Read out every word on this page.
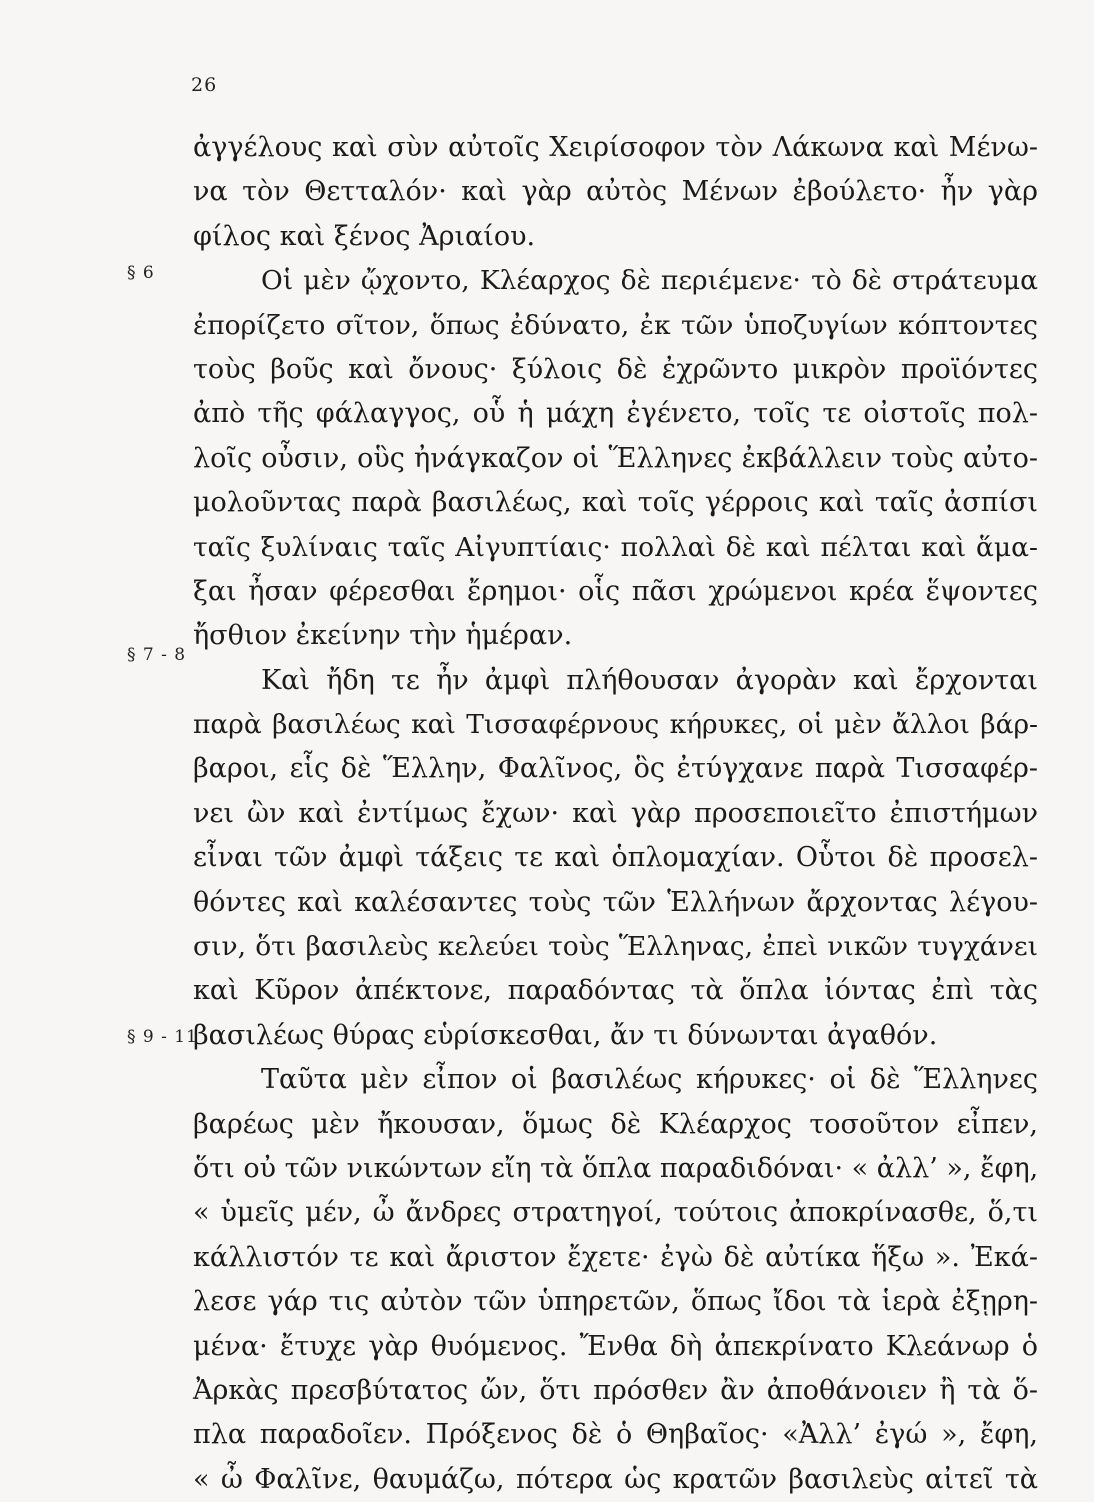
26
§ 6
§ 7 - 8
§ 9 - 11
ἀγγέλους καὶ σὺν αὐτοῖς Χειρίσοφον τὸν Λάκωνα καὶ Μένω-
να τὸν Θετταλόν· καὶ γὰρ αὐτὸς Μένων ἐβούλετο· ἦν γὰρ
φίλος καὶ ξένος Ἀριαίου.
Οἱ μὲν ᾤχοντο, Κλέαρχος δὲ περιέμενε· τὸ δὲ στράτευμα
ἐπορίζετο σῖτον, ὅπως ἐδύνατο, ἐκ τῶν ὑποζυγίων κόπτοντες
τοὺς βοῦς καὶ ὄνους· ξύλοις δὲ ἐχρῶντο μικρὸν προϊόντες
ἀπὸ τῆς φάλαγγος, οὗ ἡ μάχη ἐγένετο, τοῖς τε οἰστοῖς πολ-
λοῖς οὖσιν, οὓς ἠνάγκαζον οἱ Ἕλληνες ἐκβάλλειν τοὺς αὐτο-
μολοῦντας παρὰ βασιλέως, καὶ τοῖς γέρροις καὶ ταῖς ἀσπίσι
ταῖς ξυλίναις ταῖς Αἰγυπτίαις· πολλαὶ δὲ καὶ πέλται καὶ ἅμα-
ξαι ἦσαν φέρεσθαι ἔρημοι· οἷς πᾶσι χρώμενοι κρέα ἕψοντες
ἤσθιον ἐκείνην τὴν ἡμέραν.
Καὶ ἤδη τε ἦν ἀμφὶ πλήθουσαν ἀγορὰν καὶ ἔρχονται
παρὰ βασιλέως καὶ Τισσαφέρνους κήρυκες, οἱ μὲν ἄλλοι βάρ-
βαροι, εἷς δὲ Ἕλλην, Φαλῖνος, ὃς ἐτύγχανε παρὰ Τισσαφέρ-
νει ὢν καὶ ἐντίμως ἔχων· καὶ γὰρ προσεποιεῖτο ἐπιστήμων
εἶναι τῶν ἀμφὶ τάξεις τε καὶ ὁπλομαχίαν. Οὗτοι δὲ προσελ-
θόντες καὶ καλέσαντες τοὺς τῶν Ἑλλήνων ἄρχοντας λέγου-
σιν, ὅτι βασιλεὺς κελεύει τοὺς Ἕλληνας, ἐπεὶ νικῶν τυγχάνει
καὶ Κῦρον ἀπέκτονε, παραδόντας τὰ ὅπλα ἰόντας ἐπὶ τὰς
βασιλέως θύρας εὑρίσκεσθαι, ἄν τι δύνωνται ἀγαθόν.
Ταῦτα μὲν εἶπον οἱ βασιλέως κήρυκες· οἱ δὲ Ἕλληνες
βαρέως μὲν ἤκουσαν, ὅμως δὲ Κλέαρχος τοσοῦτον εἶπεν,
ὅτι οὐ τῶν νικώντων εἴη τὰ ὅπλα παραδιδόναι· « ἀλλ’ », ἔφη,
« ὑμεῖς μέν, ὦ ἄνδρες στρατηγοί, τούτοις ἀποκρίνασθε, ὅ,τι
κάλλιστόν τε καὶ ἄριστον ἔχετε· ἐγὼ δὲ αὐτίκα ἥξω ». Ἐκά-
λεσε γάρ τις αὐτὸν τῶν ὑπηρετῶν, ὅπως ἴδοι τὰ ἱερὰ ἐξῃρη-
μένα· ἔτυχε γὰρ θυόμενος. Ἔνθα δὴ ἀπεκρίνατο Κλεάνωρ ὁ
Ἀρκὰς πρεσβύτατος ὤν, ὅτι πρόσθεν ἂν ἀποθάνοιεν ἢ τὰ ὅ-
πλα παραδοῖεν. Πρόξενος δὲ ὁ Θηβαῖος· «Ἀλλ’ ἐγώ », ἔφη,
« ὦ Φαλῖνε, θαυμάζω, πότερα ὡς κρατῶν βασιλεὺς αἰτεῖ τὰ
